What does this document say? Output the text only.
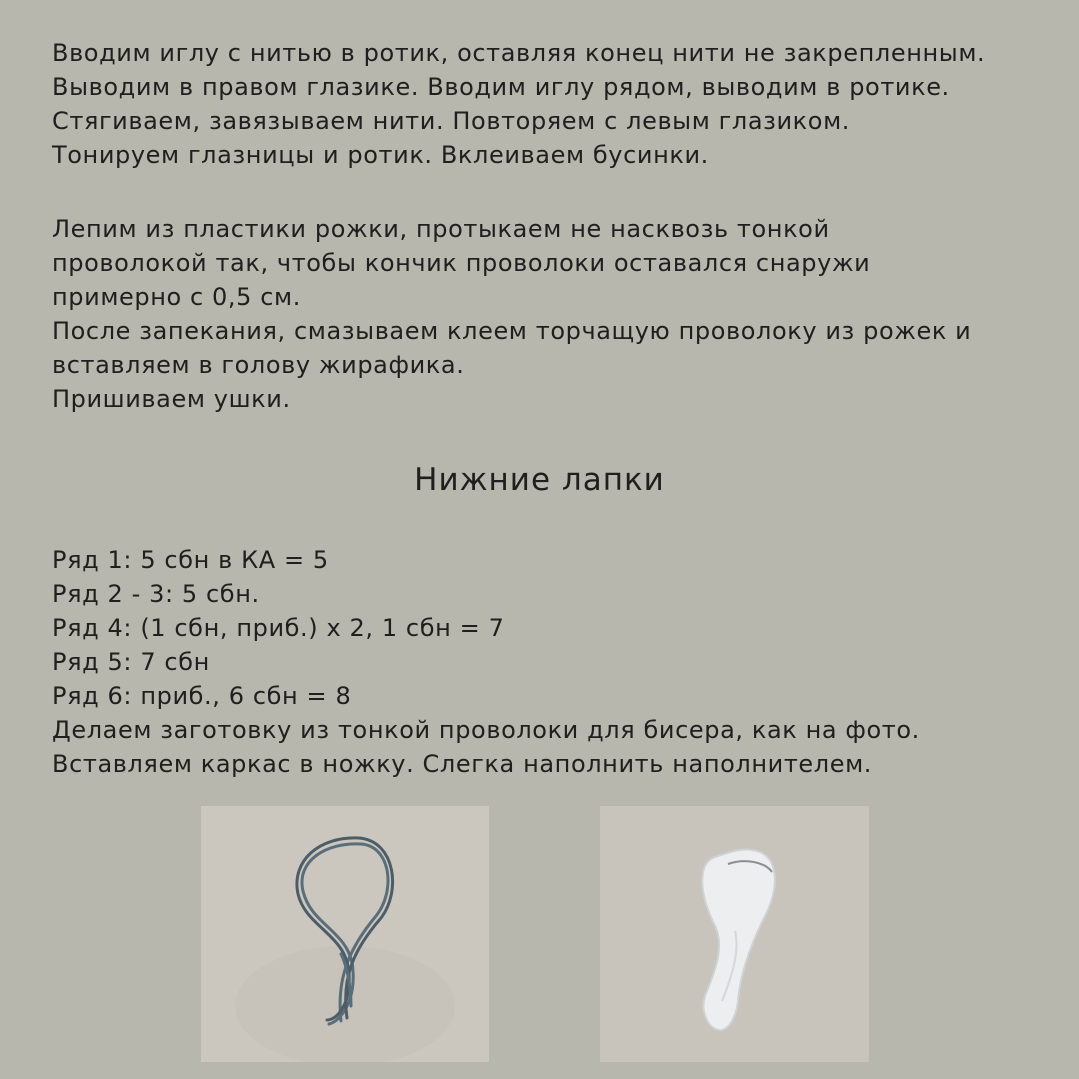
Вводим иглу с нитью в ротик, оставляя конец нити не закрепленным.
Выводим в правом глазике. Вводим иглу рядом, выводим в ротике.
Стягиваем, завязываем нити. Повторяем с левым глазиком.
Тонируем глазницы и ротик. Вклеиваем бусинки.

Лепим из пластики рожки, протыкаем не насквозь тонкой
проволокой так, чтобы кончик проволоки оставался снаружи
примерно с 0,5 см.
После запекания, смазываем клеем торчащую проволоку из рожек и
вставляем в голову жирафика.
Пришиваем ушки.

Нижние лапки

Ряд 1: 5 сбн в КА = 5
Ряд 2 - 3: 5 сбн.
Ряд 4: (1 сбн, приб.) х 2, 1 сбн = 7
Ряд 5: 7 сбн
Ряд 6: приб., 6 сбн = 8
Делаем заготовку из тонкой проволоки для бисера, как на фото.
Вставляем каркас в ножку. Слегка наполнить наполнителем.
